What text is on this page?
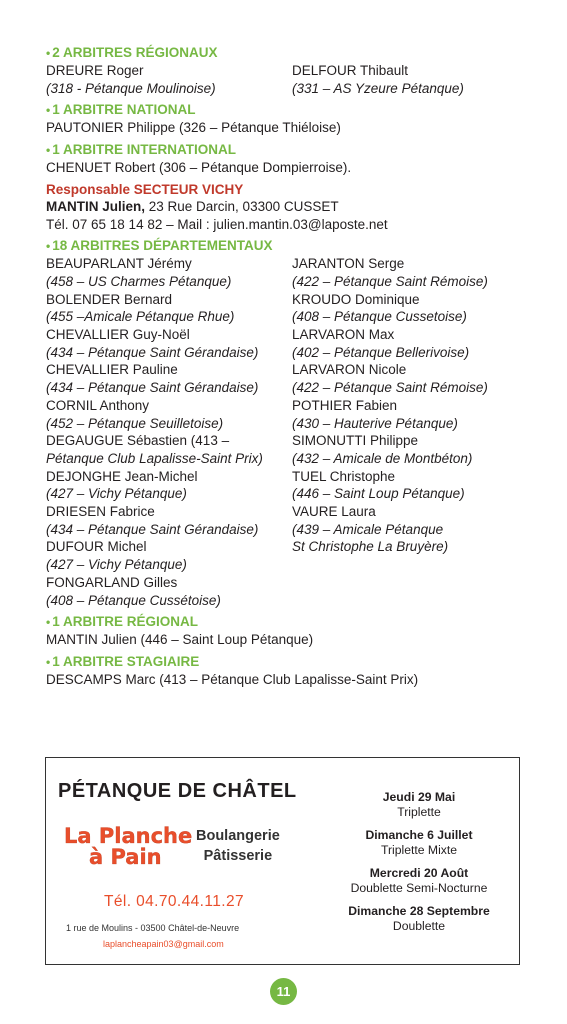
• 2 ARBITRES RÉGIONAUX
DREURE Roger
(318 - Pétanque Moulinoise)
DELFOUR Thibault
(331 – AS Yzeure Pétanque)
• 1 ARBITRE NATIONAL
PAUTONIER Philippe (326 – Pétanque Thiéloise)
• 1 ARBITRE INTERNATIONAL
CHENUET Robert (306 – Pétanque Dompierroise).
Responsable SECTEUR VICHY
MANTIN Julien, 23 Rue Darcin, 03300 CUSSET
Tél. 07 65 18 14 82 – Mail : julien.mantin.03@laposte.net
• 18 ARBITRES DÉPARTEMENTAUX
BEAUPARLANT Jérémy
(458 – US Charmes Pétanque)
BOLENDER Bernard
(455 –Amicale Pétanque Rhue)
CHEVALLIER Guy-Noël
(434 – Pétanque Saint Gérandaise)
CHEVALLIER Pauline
(434 – Pétanque Saint Gérandaise)
CORNIL Anthony
(452 – Pétanque Seuilletoise)
DEGAUGUE Sébastien (413 –
Pétanque Club Lapalisse-Saint Prix)
DEJONGHE Jean-Michel
(427 – Vichy Pétanque)
DRIESEN Fabrice
(434 – Pétanque Saint Gérandaise)
DUFOUR Michel
(427 – Vichy Pétanque)
FONGARLAND Gilles
(408 – Pétanque Cussétoise)
JARANTON Serge
(422 – Pétanque Saint Rémoise)
KROUDO Dominique
(408 – Pétanque Cussetoise)
LARVARON Max
(402 – Pétanque Bellerivoise)
LARVARON Nicole
(422 – Pétanque Saint Rémoise)
POTHIER Fabien
(430 – Hauterive Pétanque)
SIMONUTTI Philippe
(432 – Amicale de Montbéton)
TUEL Christophe
(446 – Saint Loup Pétanque)
VAURE Laura
(439 – Amicale Pétanque
St Christophe La Bruyère)
• 1 ARBITRE RÉGIONAL
MANTIN Julien (446 – Saint Loup Pétanque)
• 1 ARBITRE STAGIAIRE
DESCAMPS Marc (413 – Pétanque Club Lapalisse-Saint Prix)
PÉTANQUE DE CHÂTEL
La Planche
à Pain
Boulangerie
Pâtisserie
Tél. 04.70.44.11.27
1 rue de Moulins - 03500 Châtel-de-Neuvre
laplancheapain03@gmail.com
Jeudi 29 Mai
Triplette
Dimanche 6 Juillet
Triplette Mixte
Mercredi 20 Août
Doublette Semi-Nocturne
Dimanche 28 Septembre
Doublette
11
